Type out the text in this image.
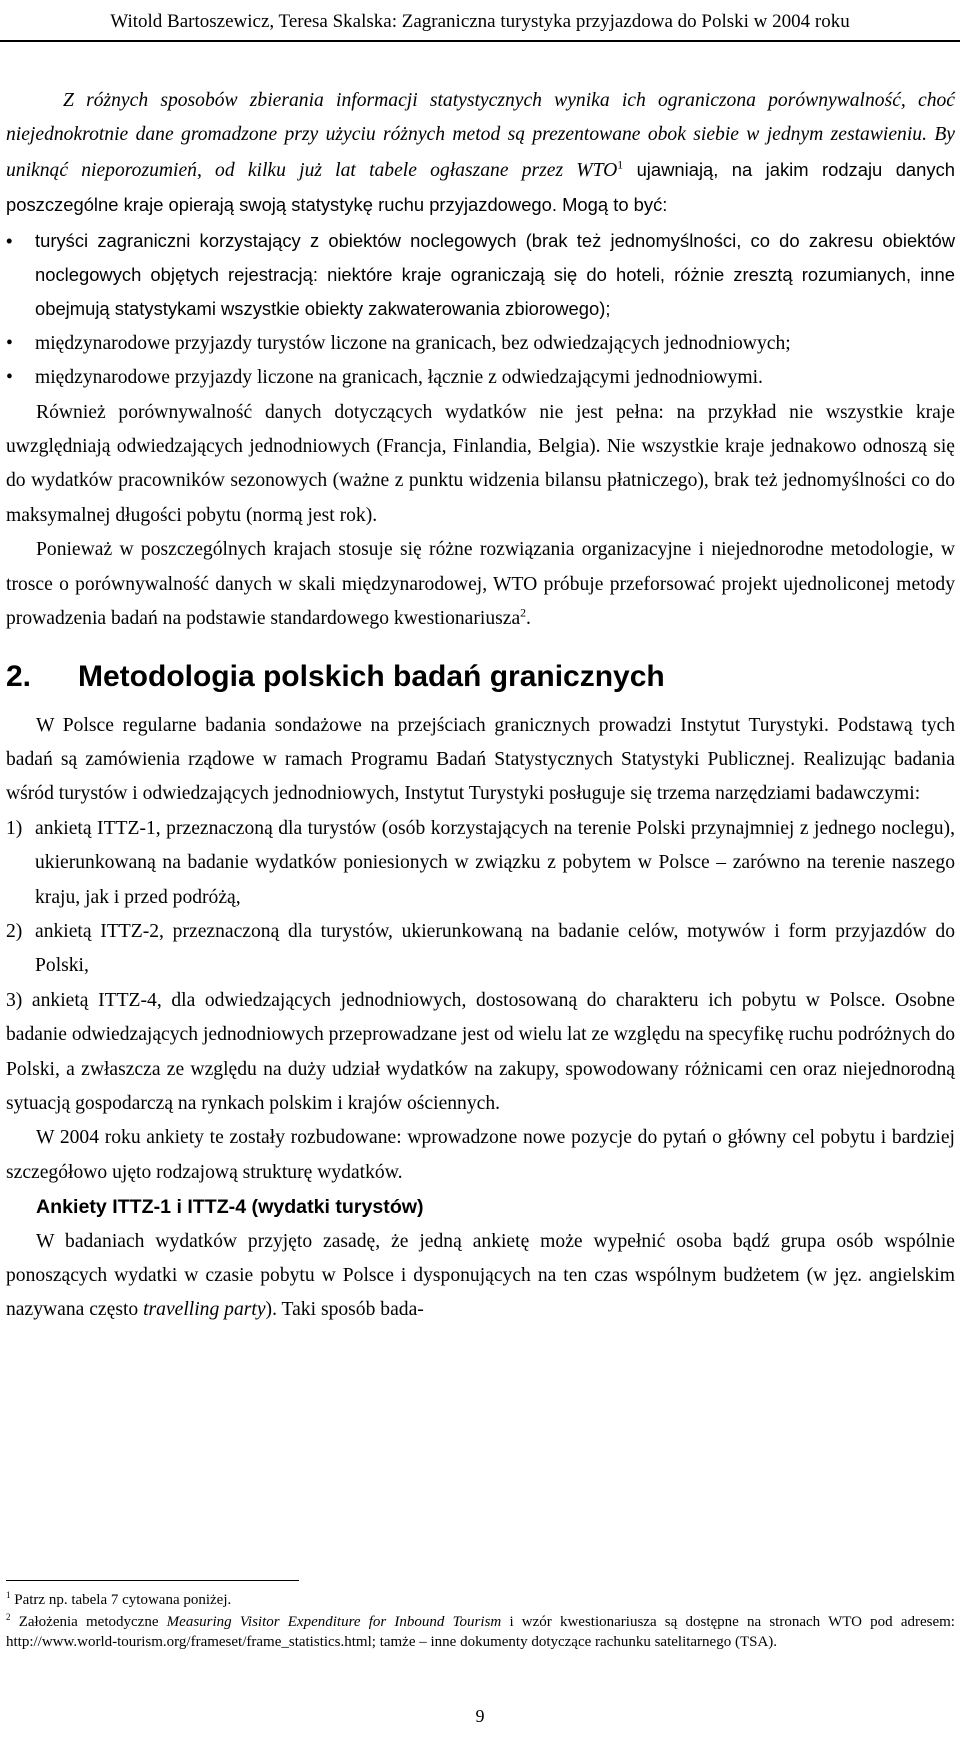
Witold Bartoszewicz, Teresa Skalska: Zagraniczna turystyka przyjazdowa do Polski w 2004 roku

Z różnych sposobów zbierania informacji statystycznych wynika ich ograniczona porównywalność, choć niejednokrotnie dane gromadzone przy użyciu różnych metod są prezentowane obok siebie w jednym zestawieniu. By uniknąć nieporozumień, od kilku już lat tabele ogłaszane przez WTO$^1$ ujawniają, na jakim rodzaju danych poszczególne kraje opierają swoją statystykę ruchu przyjazdowego. Mogą to być:

•	turyści zagraniczni korzystający z obiektów noclegowych (brak też jednomyślności, co do zakresu obiektów noclegowych objętych rejestracją: niektóre kraje ograniczają się do hoteli, różnie zresztą rozumianych, inne obejmują statystykami wszystkie obiekty zakwaterowania zbiorowego);
•	międzynarodowe przyjazdy turystów liczone na granicach, bez odwiedzających jednodniowych;
•	międzynarodowe przyjazdy liczone na granicach, łącznie z odwiedzającymi jednodniowymi.

Również porównywalność danych dotyczących wydatków nie jest pełna: na przykład nie wszystkie kraje uwzględniają odwiedzających jednodniowych (Francja, Finlandia, Belgia). Nie wszystkie kraje jednakowo odnoszą się do wydatków pracowników sezonowych (ważne z punktu widzenia bilansu płatniczego), brak też jednomyślności co do maksymalnej długości pobytu (normą jest rok).

Ponieważ w poszczególnych krajach stosuje się różne rozwiązania organizacyjne i niejednorodne metodologie, w trosce o porównywalność danych w skali międzynarodowej, WTO próbuje przeforsować projekt ujednoliconej metody prowadzenia badań na podstawie standardowego kwestionariusza$^2$.

2. Metodologia polskich badań granicznych

W Polsce regularne badania sondażowe na przejściach granicznych prowadzi Instytut Turystyki. Podstawą tych badań są zamówienia rządowe w ramach Programu Badań Statystycznych Statystyki Publicznej. Realizując badania wśród turystów i odwiedzających jednodniowych, Instytut Turystyki posługuje się trzema narzędziami badawczymi:

1) ankietą ITTZ-1, przeznaczoną dla turystów (osób korzystających na terenie Polski przynajmniej z jednego noclegu), ukierunkowaną na badanie wydatków poniesionych w związku z pobytem w Polsce – zarówno na terenie naszego kraju, jak i przed podróżą,
2) ankietą ITTZ-2, przeznaczoną dla turystów, ukierunkowaną na badanie celów, motywów i form przyjazdów do Polski,

3) ankietą ITTZ-4, dla odwiedzających jednodniowych, dostosowaną do charakteru ich pobytu w Polsce. Osobne badanie odwiedzających jednodniowych przeprowadzane jest od wielu lat ze względu na specyfikę ruchu podróżnych do Polski, a zwłaszcza ze względu na duży udział wydatków na zakupy, spowodowany różnicami cen oraz niejednorodną sytuacją gospodarczą na rynkach polskim i krajów ościennych.

W 2004 roku ankiety te zostały rozbudowane: wprowadzone nowe pozycje do pytań o główny cel pobytu i bardziej szczegółowo ujęto rodzajową strukturę wydatków.

Ankiety ITTZ-1 i ITTZ-4 (wydatki turystów)

W badaniach wydatków przyjęto zasadę, że jedną ankietę może wypełnić osoba bądź grupa osób wspólnie ponoszących wydatki w czasie pobytu w Polsce i dysponujących na ten czas wspólnym budżetem (w jęz. angielskim nazywana często travelling party). Taki sposób bada-

$^1$ Patrz np. tabela 7 cytowana poniżej.

$^2$ Założenia metodyczne Measuring Visitor Expenditure for Inbound Tourism i wzór kwestionariusza są dostępne na stronach WTO pod adresem: http://www.world-tourism.org/frameset/frame_statistics.html; tamże – inne dokumenty dotyczące rachunku satelitarnego (TSA).

9
